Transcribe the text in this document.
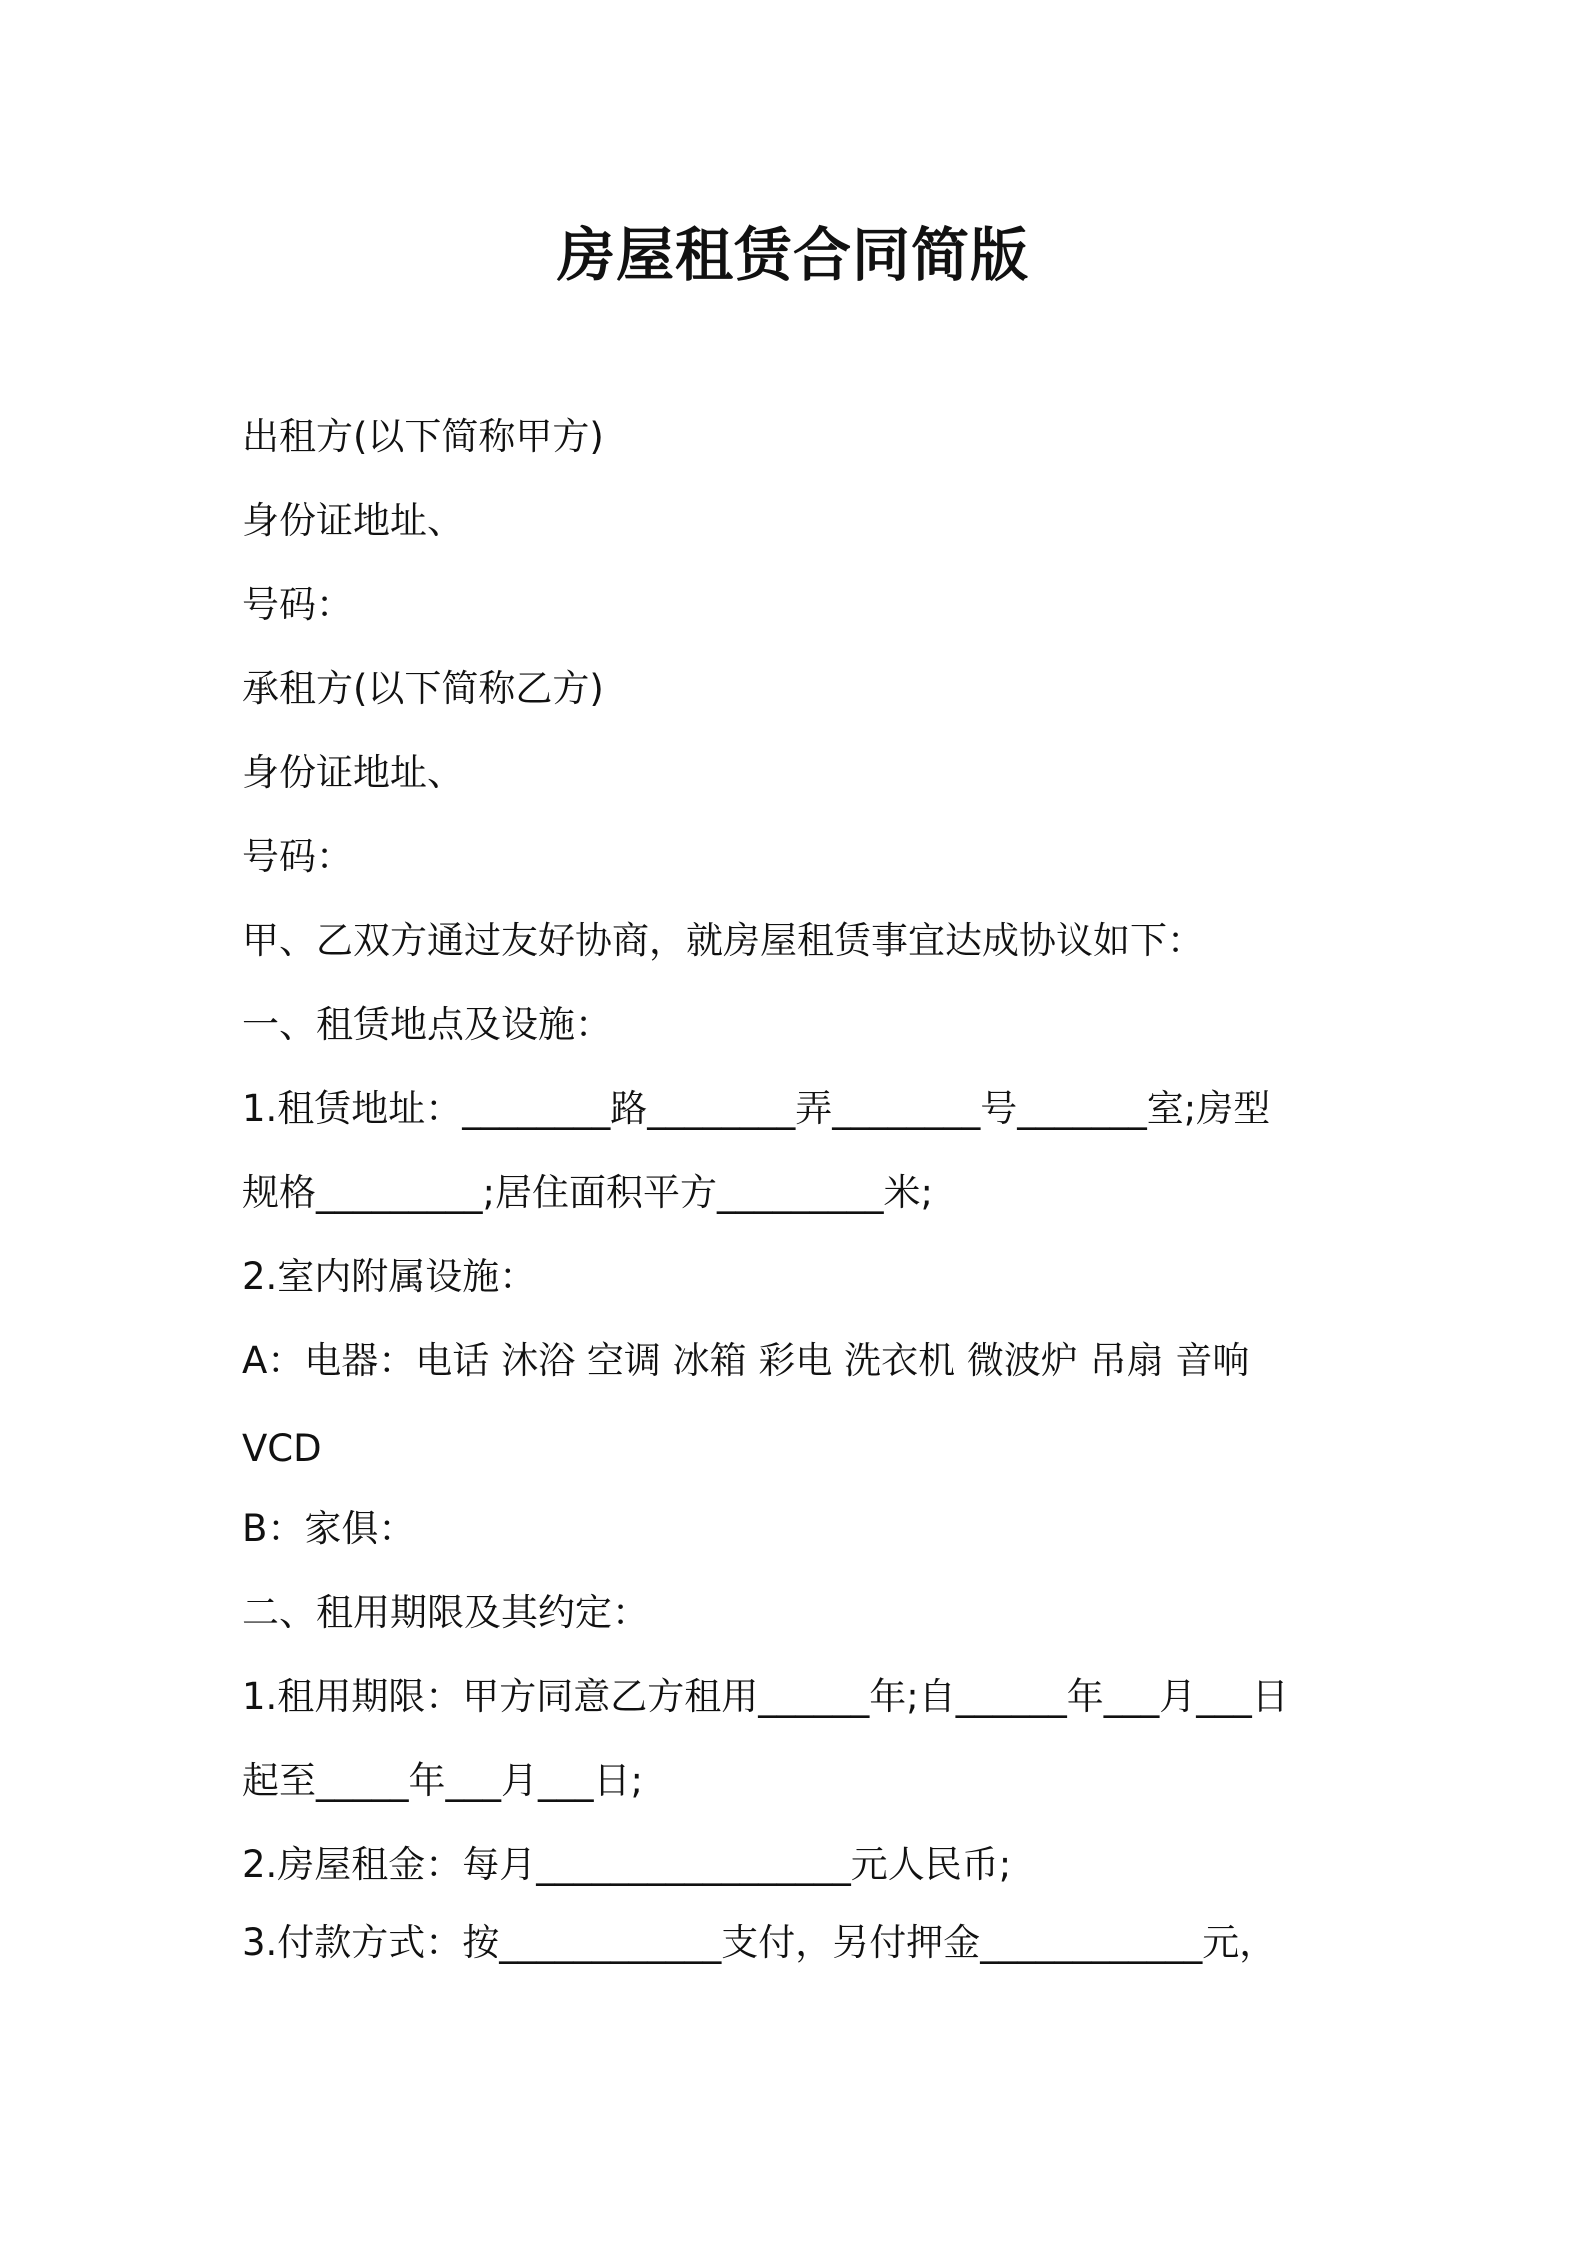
房屋租赁合同简版
出租方(以下简称甲方)
身份证地址、
号码：
承租方(以下简称乙方)
身份证地址、
号码：
甲、乙双方通过友好协商，就房屋租赁事宜达成协议如下：
一、租赁地点及设施：
1.租赁地址：________路________弄________号_______室;房型
规格_________;居住面积平方_________米;
2.室内附属设施：
A：电器：电话 沐浴 空调 冰箱 彩电 洗衣机 微波炉 吊扇 音响
VCD
B：家俱：
二、租用期限及其约定：
1.租用期限：甲方同意乙方租用______年;自______年___月___日
起至_____年___月___日;
2.房屋租金：每月_________________元人民币;
3.付款方式：按____________支付，另付押金____________元，
